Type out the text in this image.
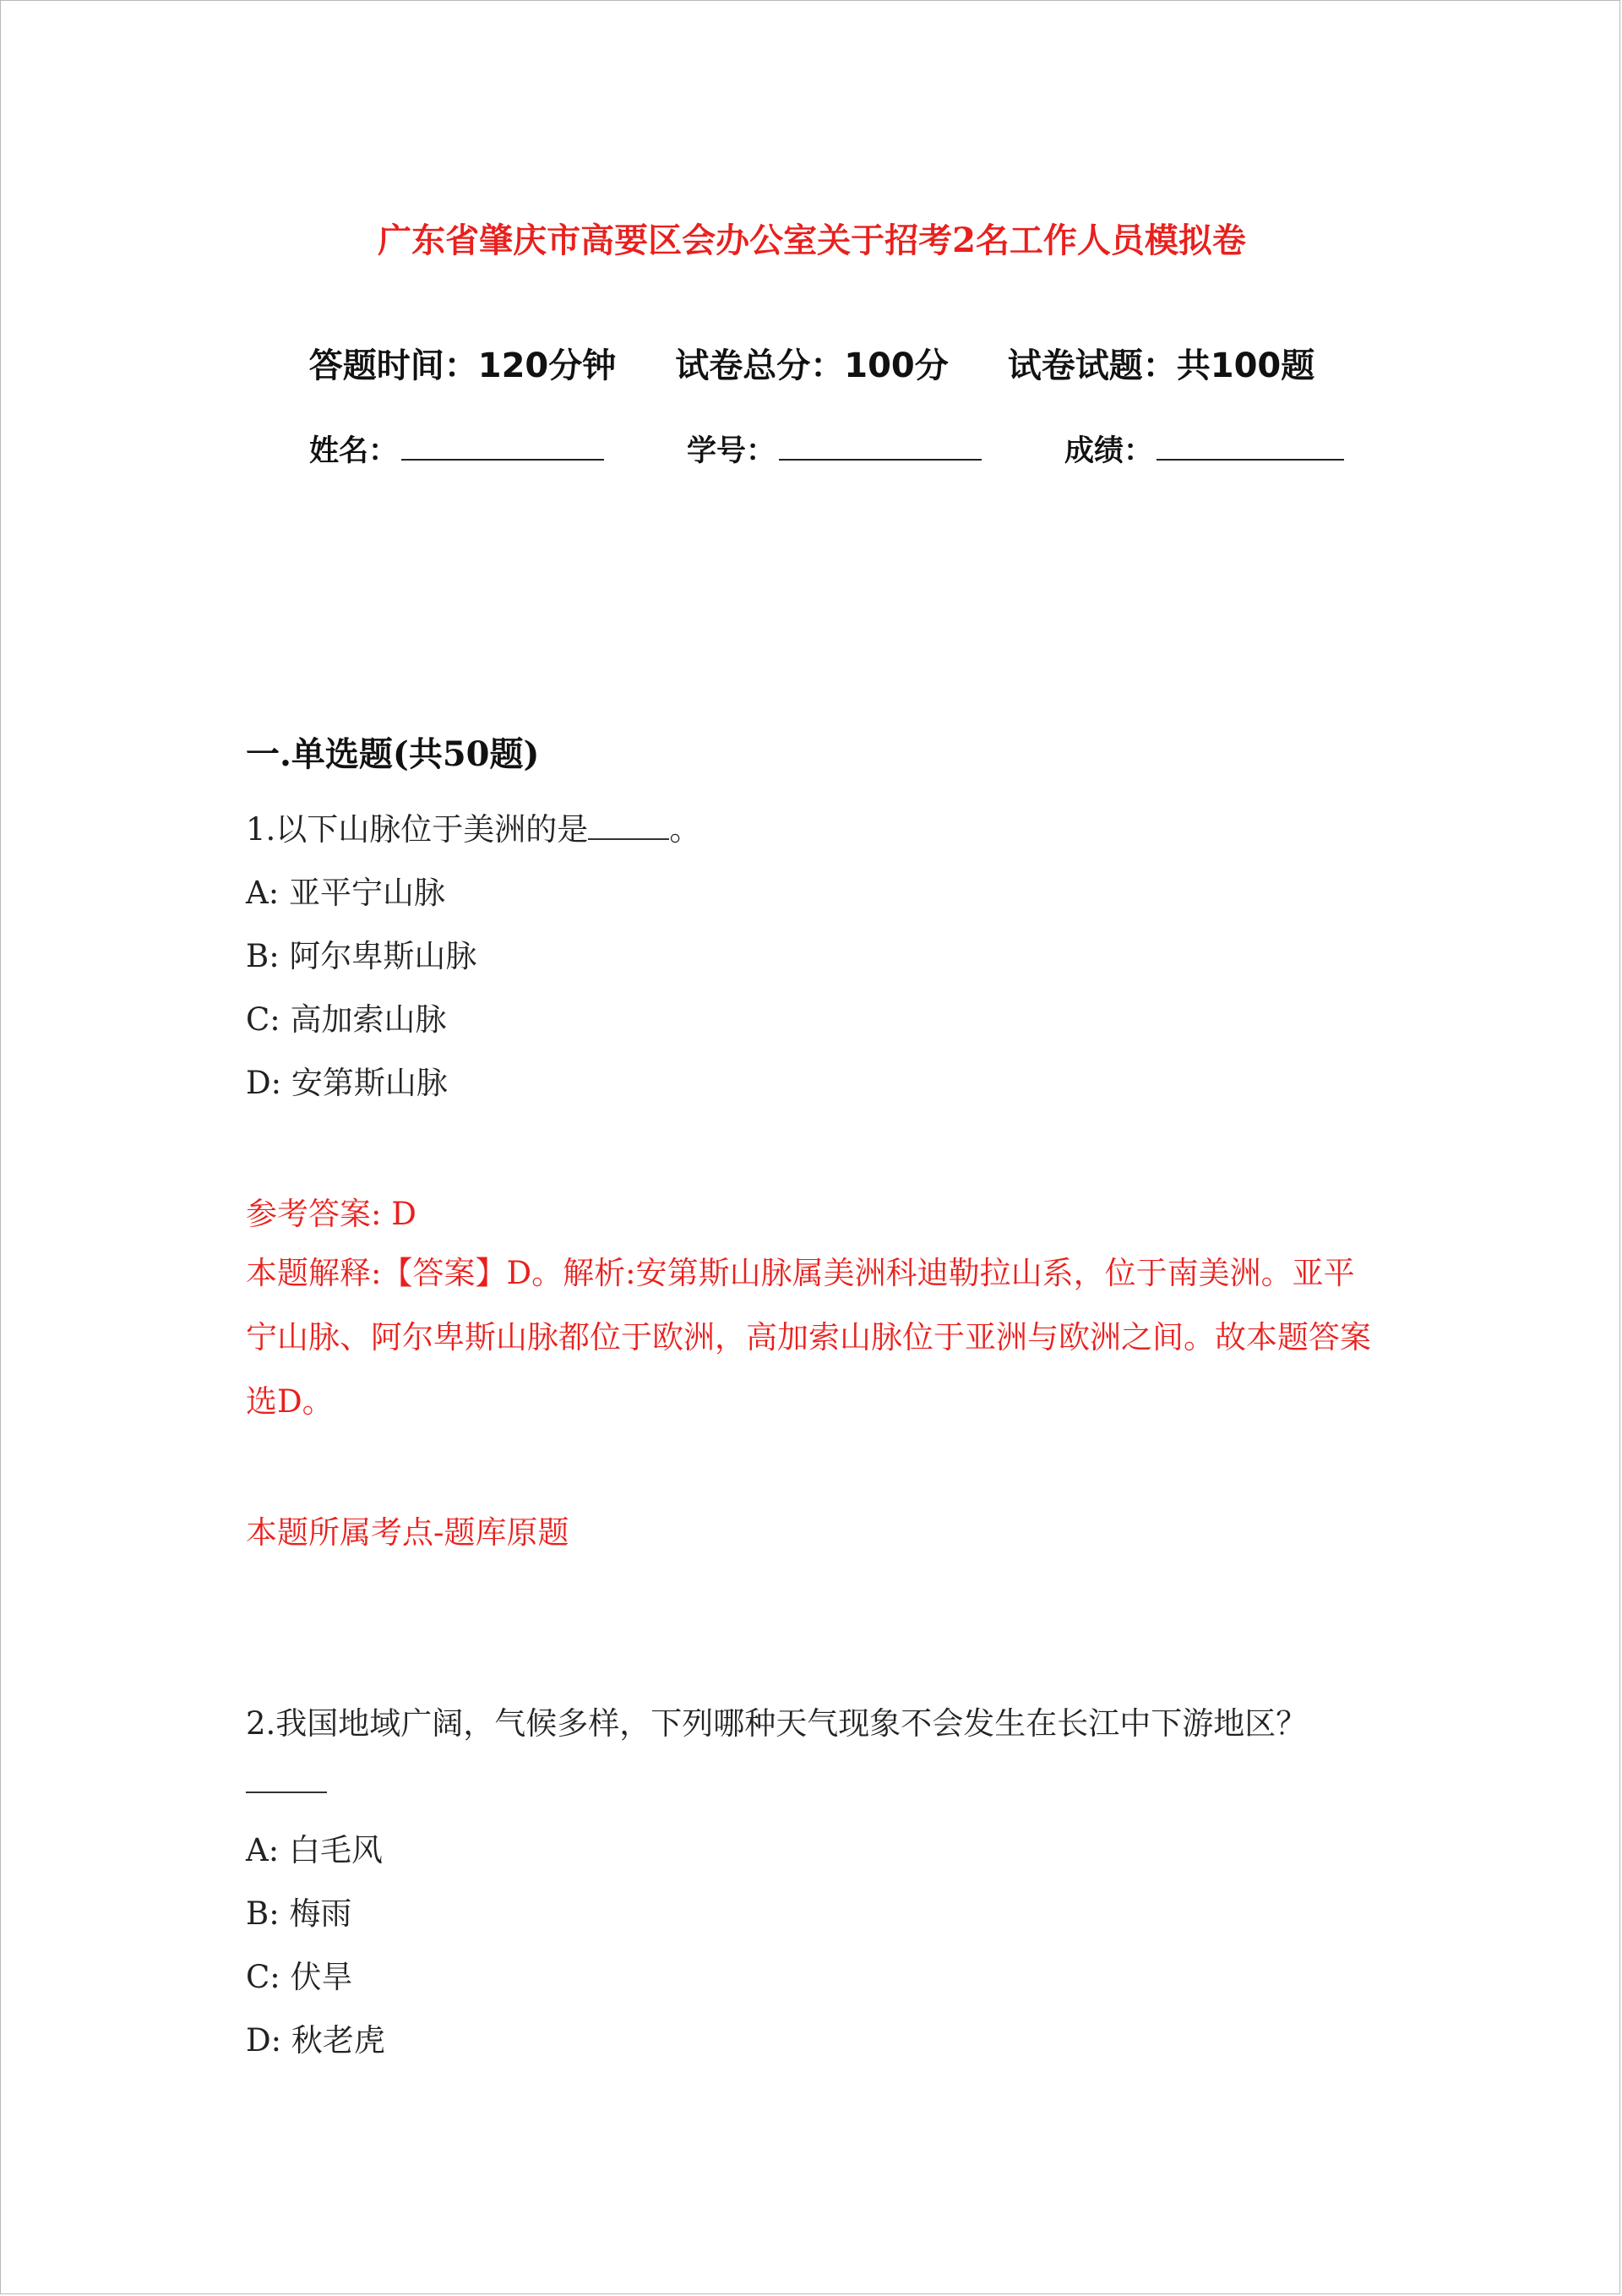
广东省肇庆市高要区会办公室关于招考2名工作人员模拟卷
答题时间：120分钟 试卷总分：100分 试卷试题：共100题
姓名：	学号：	成绩：
一.单选题(共50题)
1.以下山脉位于美洲的是	。
A: 亚平宁山脉
B: 阿尔卑斯山脉
C: 高加索山脉
D: 安第斯山脉
参考答案: D
本题解释:【答案】D。解析:安第斯山脉属美洲科迪勒拉山系，位于南美洲。亚平宁山脉、阿尔卑斯山脉都位于欧洲，高加索山脉位于亚洲与欧洲之间。故本题答案选D。
本题所属考点-题库原题
2.我国地域广阔，气候多样，下列哪种天气现象不会发生在长江中下游地区？
A: 白毛风
B: 梅雨
C: 伏旱
D: 秋老虎
